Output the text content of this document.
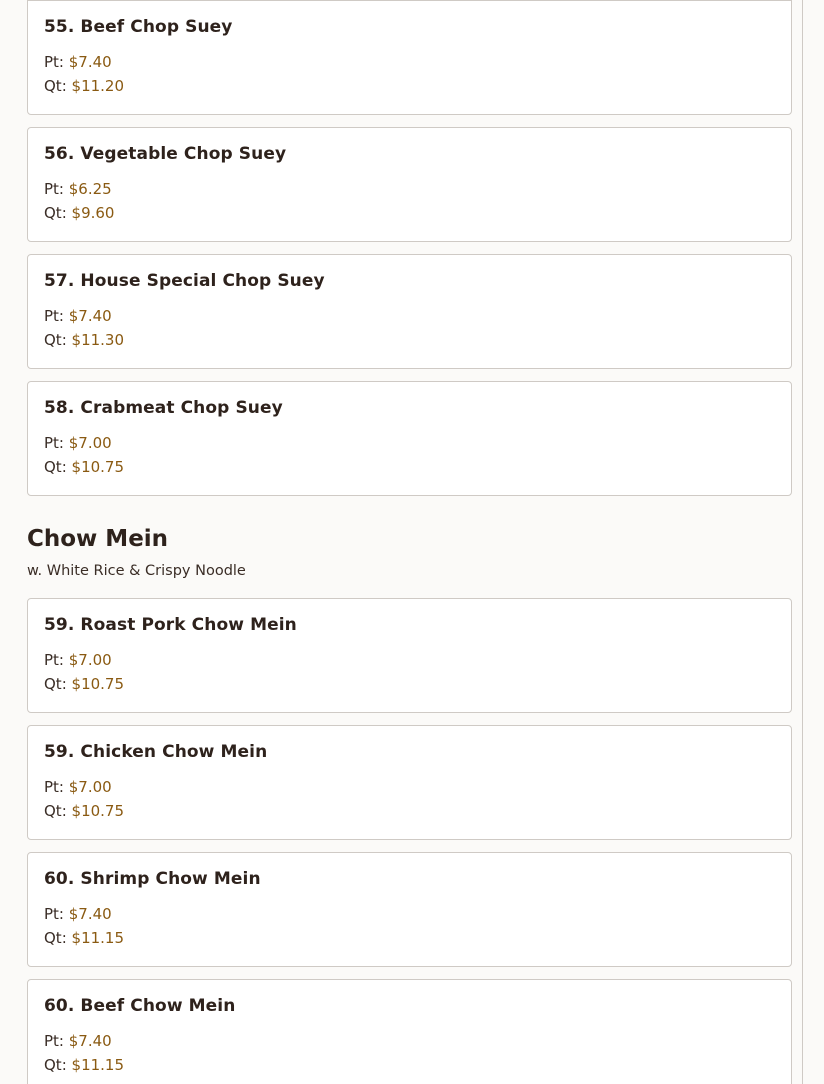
55. Beef Chop Suey
Pt: $7.40
Qt: $11.20
56. Vegetable Chop Suey
Pt: $6.25
Qt: $9.60
57. House Special Chop Suey
Pt: $7.40
Qt: $11.30
58. Crabmeat Chop Suey
Pt: $7.00
Qt: $10.75
Chow Mein
w. White Rice & Crispy Noodle
59. Roast Pork Chow Mein
Pt: $7.00
Qt: $10.75
59. Chicken Chow Mein
Pt: $7.00
Qt: $10.75
60. Shrimp Chow Mein
Pt: $7.40
Qt: $11.15
60. Beef Chow Mein
Pt: $7.40
Qt: $11.15
